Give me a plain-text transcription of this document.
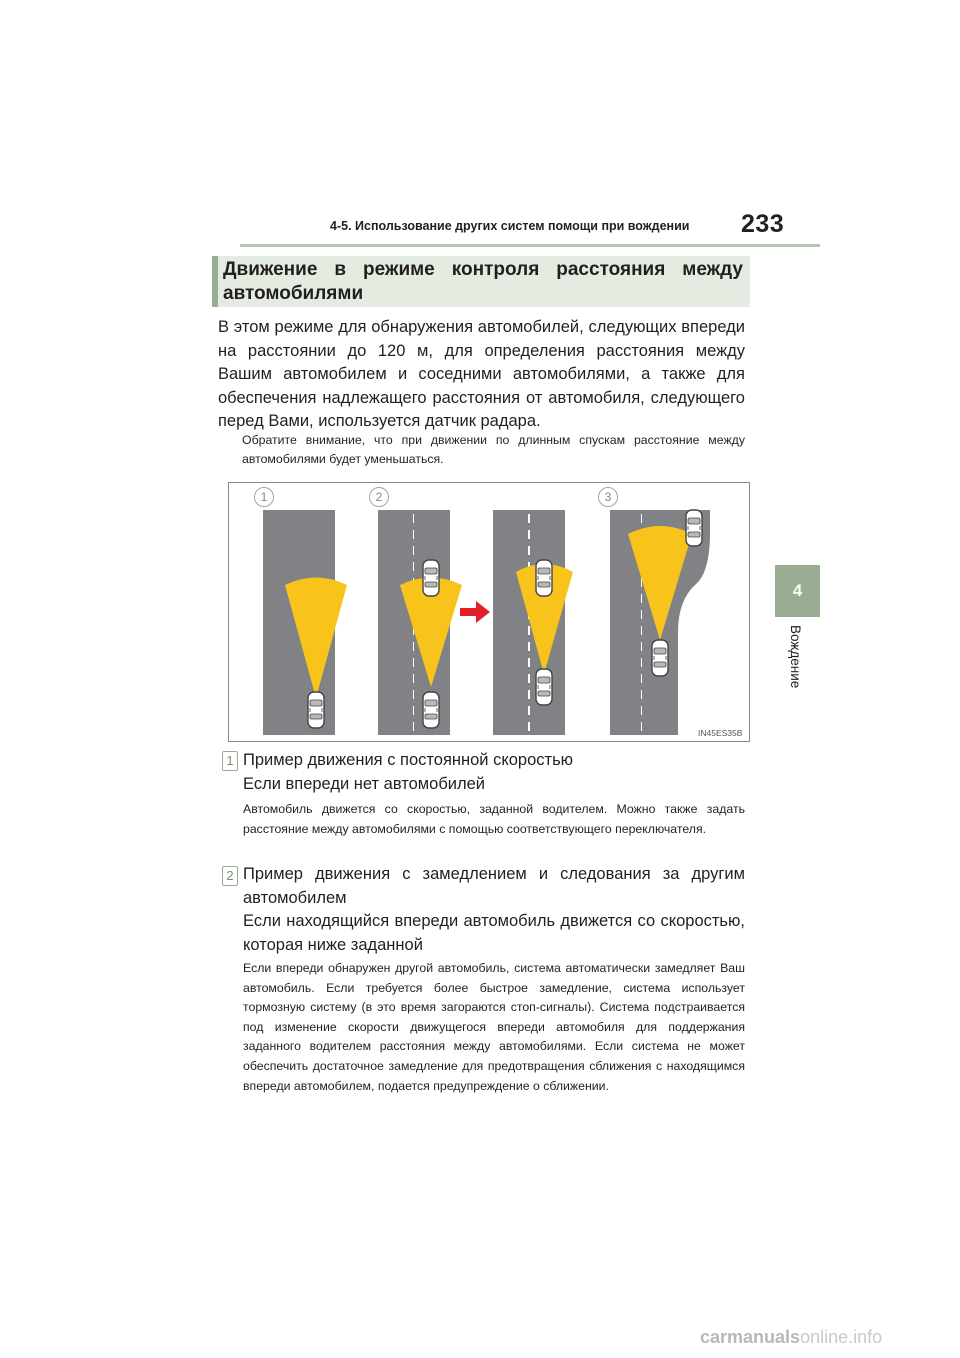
4-5. Использование других систем помощи при вождении 233
4
Вождение
Движение в режиме контроля расстояния между автомобилями
В этом режиме для обнаружения автомобилей, следующих впереди на расстоянии до 120 м, для определения расстояния между Вашим автомобилем и соседними автомобилями, а также для обеспечения надлежащего расстояния от автомобиля, следующего перед Вами, используется датчик радара.
Обратите внимание, что при движении по длинным спускам расстояние между автомобилями будет уменьшаться.
IN45ES35B
1	2	3
1 Пример движения с постоянной скоростью
Если впереди нет автомобилей
Автомобиль движется со скоростью, заданной водителем. Можно также задать расстояние между автомобилями с помощью соответствующего переключателя.
2 Пример движения с замедлением и следования за другим автомобилем
Если находящийся впереди автомобиль движется со скоростью, которая ниже заданной
Если впереди обнаружен другой автомобиль, система автоматически замедляет Ваш автомобиль. Если требуется более быстрое замедление, система использует тормозную систему (в это время загораются стоп-сигналы). Система подстраивается под изменение скорости движущегося впереди автомобиля для поддержания заданного водителем расстояния между автомобилями. Если система не может обеспечить достаточное замедление для предотвращения сближения с находящимся впереди автомобилем, подается предупреждение о сближении.
carmanualsonline.info
